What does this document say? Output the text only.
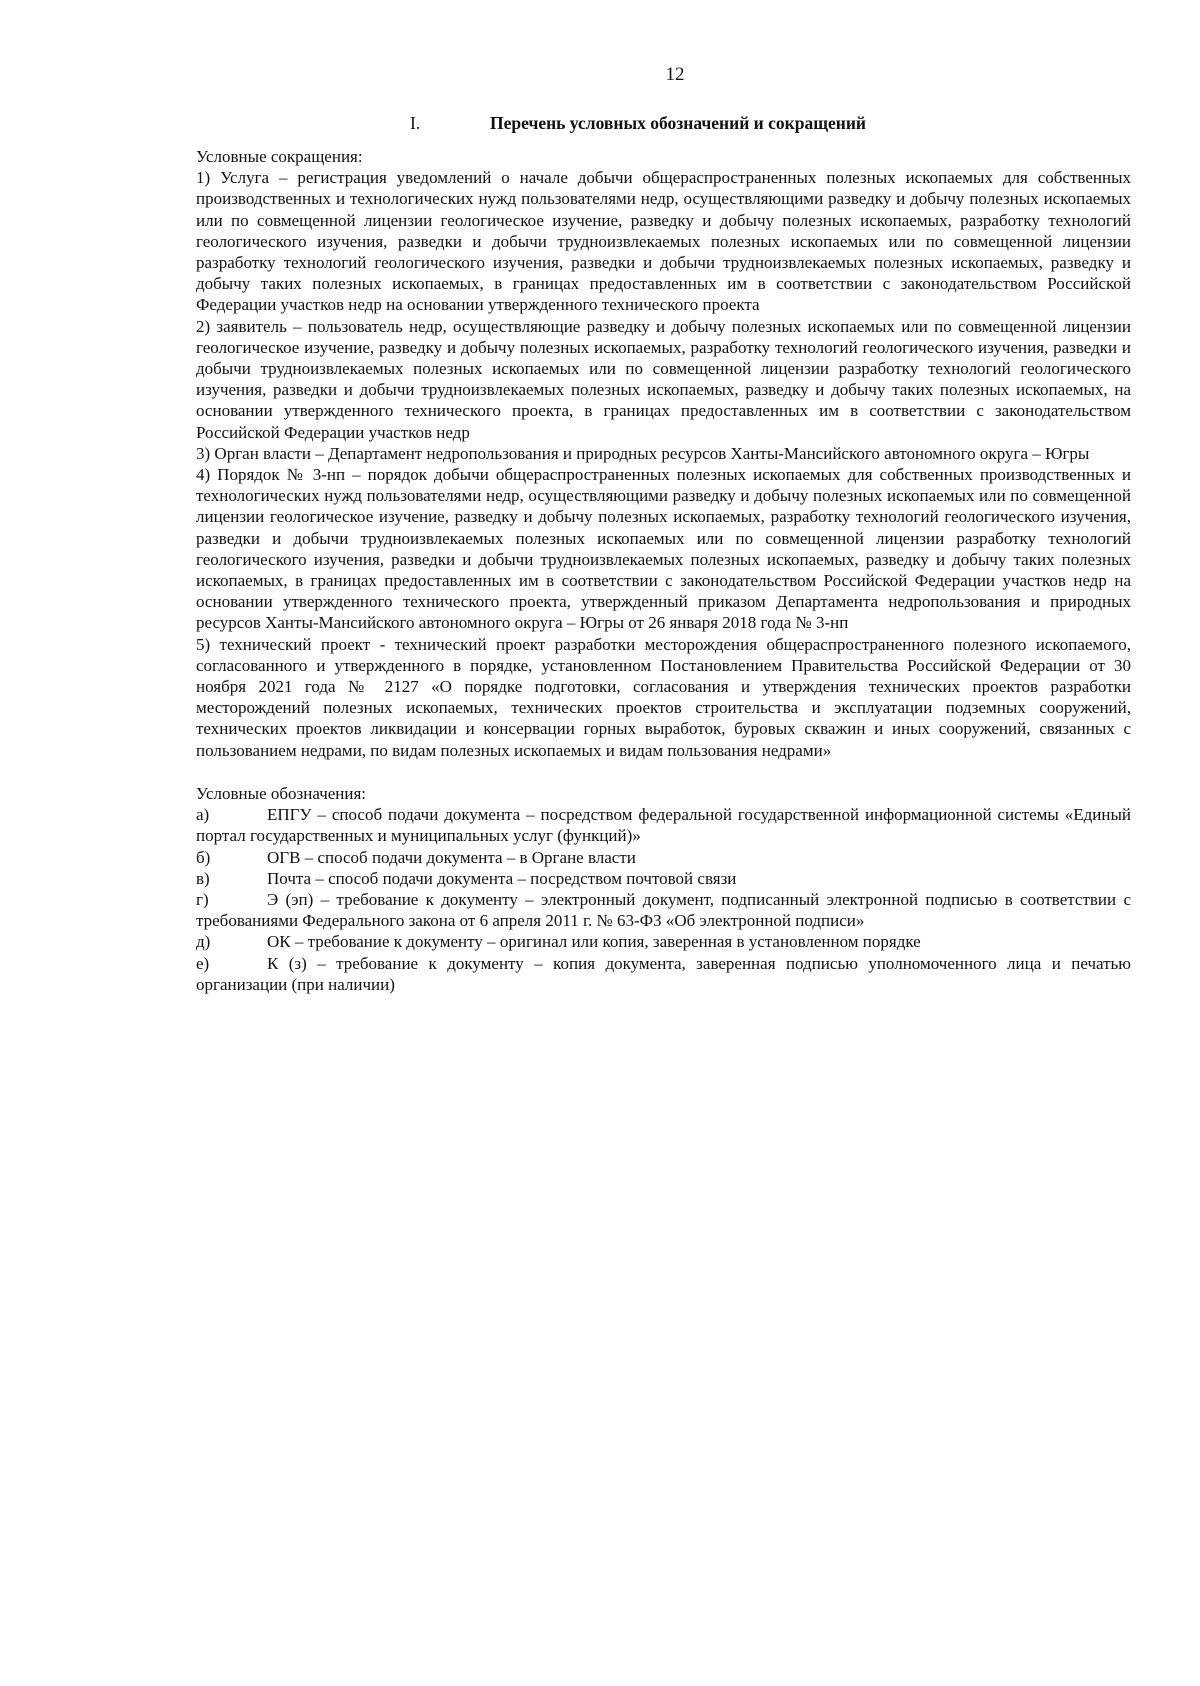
12
I.	Перечень условных обозначений и сокращений

Условные сокращения:

1) Услуга – регистрация уведомлений о начале добычи общераспространенных полезных ископаемых для собственных производственных и технологических нужд пользователями недр, осуществляющими разведку и добычу полезных ископаемых или по совмещенной лицензии геологическое изучение, разведку и добычу полезных ископаемых, разработку технологий геологического изучения, разведки и добычи трудноизвлекаемых полезных ископаемых или по совмещенной лицензии разработку технологий геологического изучения, разведки и добычи трудноизвлекаемых полезных ископаемых, разведку и добычу таких полезных ископаемых, в границах предоставленных им в соответствии с законодательством Российской Федерации участков недр на основании утвержденного технического проекта

2) заявитель – пользователь недр, осуществляющие разведку и добычу полезных ископаемых или по совмещенной лицензии геологическое изучение, разведку и добычу полезных ископаемых, разработку технологий геологического изучения, разведки и добычи трудноизвлекаемых полезных ископаемых или по совмещенной лицензии разработку технологий геологического изучения, разведки и добычи трудноизвлекаемых полезных ископаемых, разведку и добычу таких полезных ископаемых, на основании утвержденного технического проекта, в границах предоставленных им в соответствии с законодательством Российской Федерации участков недр

3) Орган власти – Департамент недропользования и природных ресурсов Ханты-Мансийского автономного округа – Югры

4) Порядок № 3-нп – порядок добычи общераспространенных полезных ископаемых для собственных производственных и технологических нужд пользователями недр, осуществляющими разведку и добычу полезных ископаемых или по совмещенной лицензии геологическое изучение, разведку и добычу полезных ископаемых, разработку технологий геологического изучения, разведки и добычи трудноизвлекаемых полезных ископаемых или по совмещенной лицензии разработку технологий геологического изучения, разведки и добычи трудноизвлекаемых полезных ископаемых, разведку и добычу таких полезных ископаемых, в границах предоставленных им в соответствии с законодательством Российской Федерации участков недр на основании утвержденного технического проекта, утвержденный приказом Департамента недропользования и природных ресурсов Ханты-Мансийского автономного округа – Югры от 26 января 2018 года № 3-нп

5) технический проект - технический проект разработки месторождения общераспространенного полезного ископаемого, согласованного и утвержденного в порядке, установленном Постановлением Правительства Российской Федерации от 30 ноября 2021 года № 2127 «О порядке подготовки, согласования и утверждения технических проектов разработки месторождений полезных ископаемых, технических проектов строительства и эксплуатации подземных сооружений, технических проектов ликвидации и консервации горных выработок, буровых скважин и иных сооружений, связанных с пользованием недрами, по видам полезных ископаемых и видам пользования недрами»

Условные обозначения:

а)	ЕПГУ – способ подачи документа – посредством федеральной государственной информационной системы «Единый портал государственных и муниципальных услуг (функций)»

б)	ОГВ – способ подачи документа – в Органе власти

в)	Почта – способ подачи документа – посредством почтовой связи

г)	Э (эп) – требование к документу – электронный документ, подписанный электронной подписью в соответствии с требованиями Федерального закона от 6 апреля 2011 г. № 63-ФЗ «Об электронной подписи»

д)	ОК – требование к документу – оригинал или копия, заверенная в установленном порядке

е)	К (з) – требование к документу – копия документа, заверенная подписью уполномоченного лица и печатью организации (при наличии)
